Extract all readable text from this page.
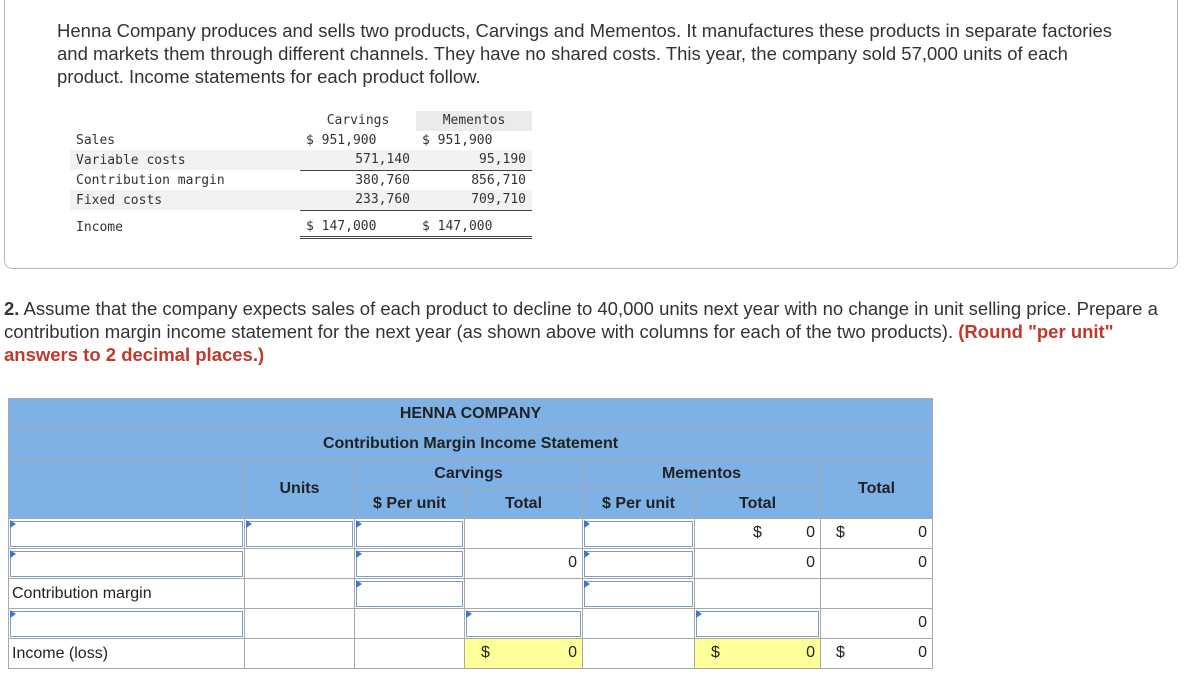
Henna Company produces and sells two products, Carvings and Mementos. It manufactures these products in separate factories and markets them through different channels. They have no shared costs. This year, the company sold 57,000 units of each product. Income statements for each product follow.

	Carvings	Mementos
Sales	$ 951,900	$ 951,900
Variable costs	571,140	95,190
Contribution margin	380,760	856,710
Fixed costs	233,760	709,710

Income	$ 147,000	$ 147,000

2. Assume that the company expects sales of each product to decline to 40,000 units next year with no change in unit selling price. Prepare a contribution margin income statement for the next year (as shown above with columns for each of the two products). (Round "per unit" answers to 2 decimal places.)

HENNA COMPANY						
Contribution Margin Income Statement						
	Units	Carvings		Mementos		Total
		$ Per unit	Total	$ Per unit	Total	

					$ 0	$ 0

			0		0	0

Contribution margin		

						0

Income (loss)			$ 0		$ 0	$ 0
